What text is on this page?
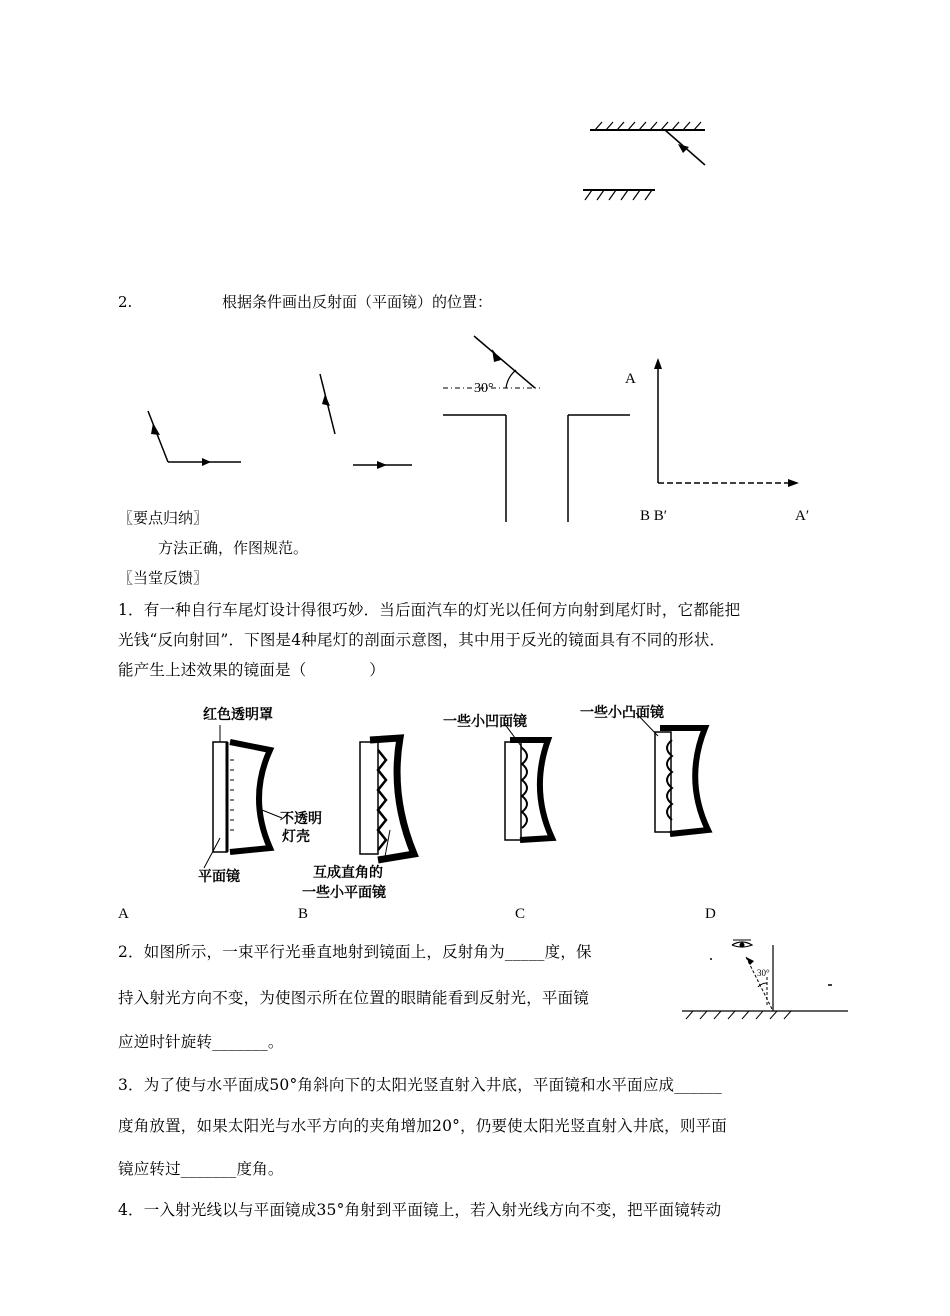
2.	根据条件画出反射面（平面镜）的位置：
30°
A
B B′	A′
〖要点归纳〗
方法正确，作图规范。
〖当堂反馈〗
1．有一种自行车尾灯设计得很巧妙．当后面汽车的灯光以任何方向射到尾灯时，它都能把
光钱“反向射回”．下图是4种尾灯的剖面示意图，其中用于反光的镜面具有不同的形状．
能产生上述效果的镜面是（　　　　）
红色透明罩
不透明
灯壳
平面镜	互成直角的
一些小平面镜
一些小凹面镜
一些小凸面镜
A	B	C	D
2．如图所示，一束平行光垂直地射到镜面上，反射角为_____度，保
持入射光方向不变，为使图示所在位置的眼睛能看到反射光，平面镜
应逆时针旋转_______。
30°
3．为了使与水平面成50°角斜向下的太阳光竖直射入井底，平面镜和水平面应成______
度角放置，如果太阳光与水平方向的夹角增加20°，仍要使太阳光竖直射入井底，则平面
镜应转过_______度角。
4．一入射光线以与平面镜成35°角射到平面镜上，若入射光线方向不变，把平面镜转动
